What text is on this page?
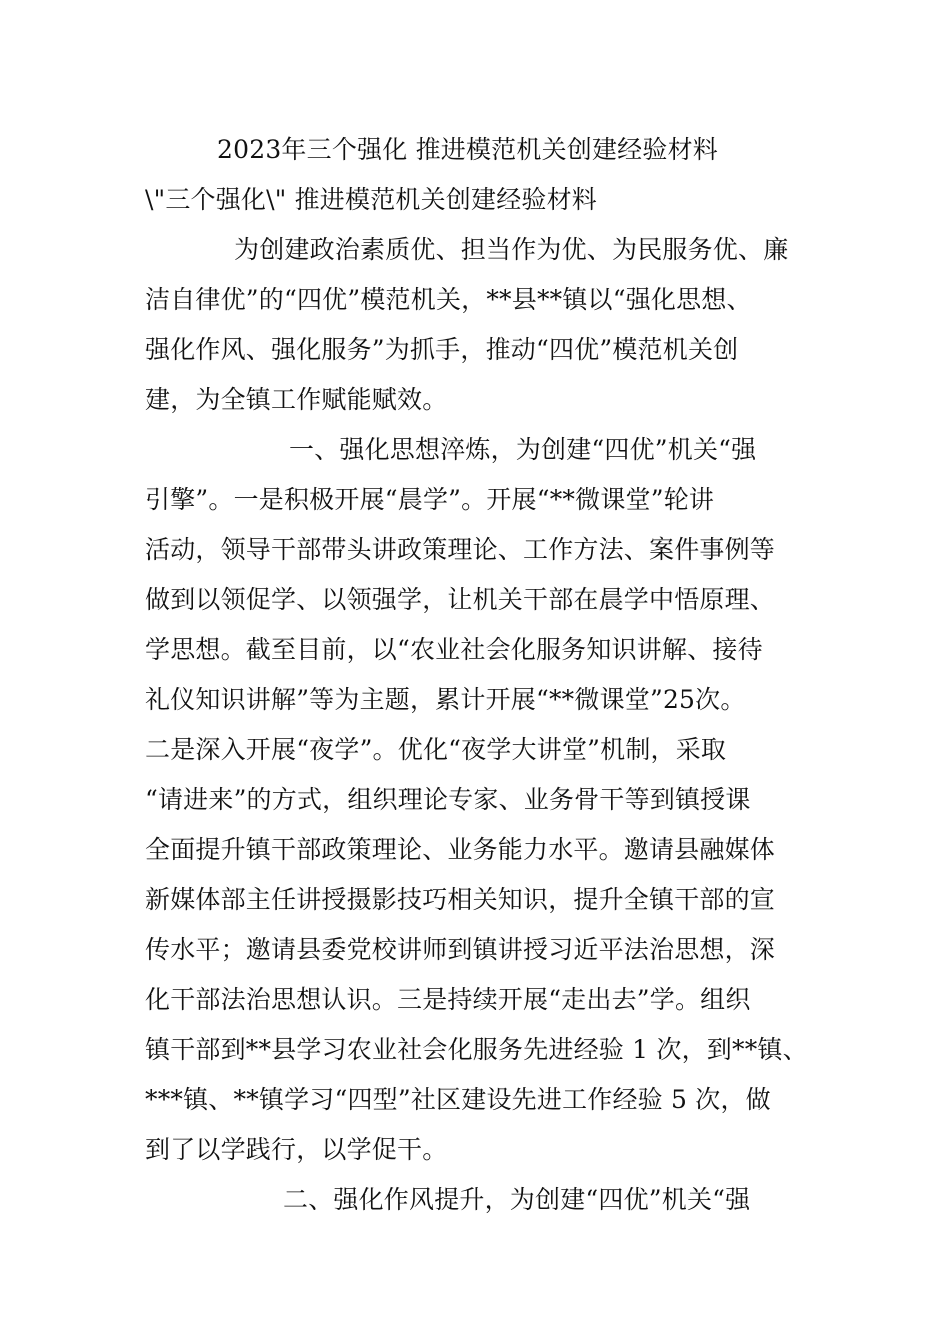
2023年三个强化 推进模范机关创建经验材料
\"三个强化\" 推进模范机关创建经验材料
为创建政治素质优、担当作为优、为民服务优、廉
洁自律优”的“四优”模范机关，**县**镇以“强化思想、
强化作风、强化服务”为抓手，推动“四优”模范机关创
建，为全镇工作赋能赋效。
一、强化思想淬炼，为创建“四优”机关“强
引擎”。一是积极开展“晨学”。开展“**微课堂”轮讲
活动，领导干部带头讲政策理论、工作方法、案件事例等
做到以领促学、以领强学，让机关干部在晨学中悟原理、
学思想。截至目前，以“农业社会化服务知识讲解、接待
礼仪知识讲解”等为主题，累计开展“**微课堂”25次。
二是深入开展“夜学”。优化“夜学大讲堂”机制，采取
“请进来”的方式，组织理论专家、业务骨干等到镇授课
全面提升镇干部政策理论、业务能力水平。邀请县融媒体
新媒体部主任讲授摄影技巧相关知识，提升全镇干部的宣
传水平；邀请县委党校讲师到镇讲授习近平法治思想，深
化干部法治思想认识。三是持续开展“走出去”学。组织
镇干部到**县学习农业社会化服务先进经验 1 次，到**镇、
***镇、**镇学习“四型”社区建设先进工作经验 5 次，做
到了以学践行，以学促干。
二、强化作风提升，为创建“四优”机关“强
